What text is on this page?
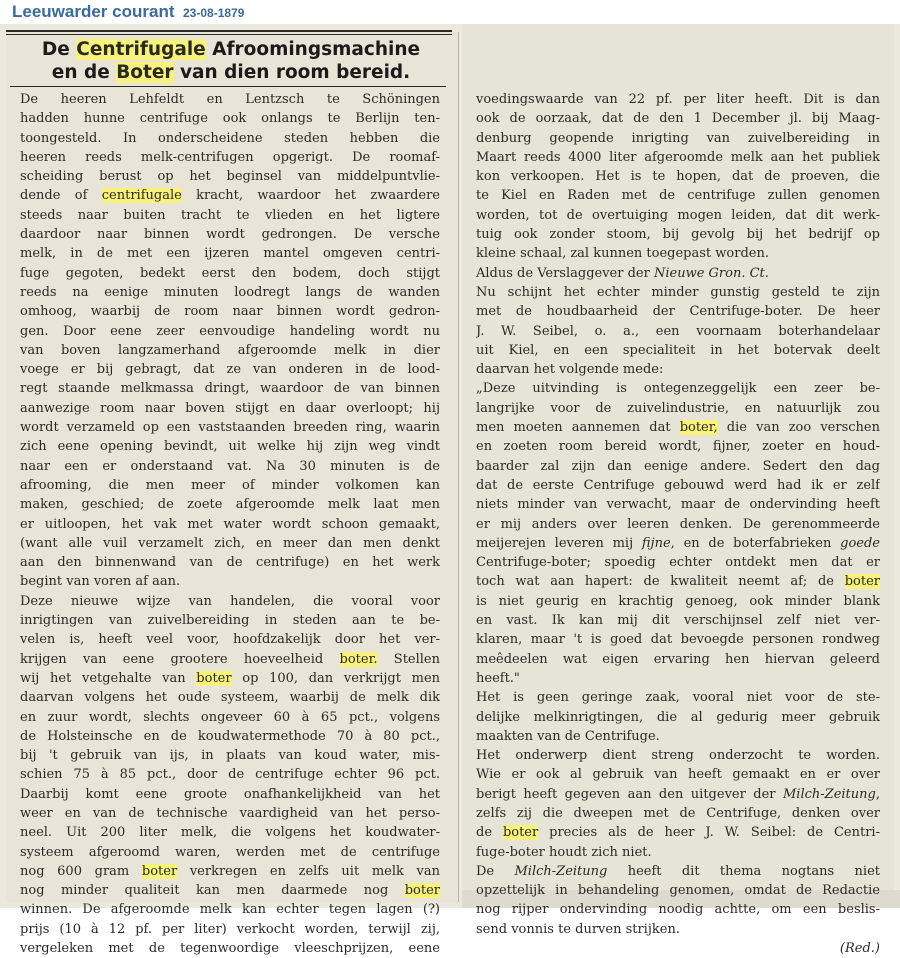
Leeuwarder courant 23-08-1879
De Centrifugale Afroomingsmachine
en de Boter van dien room bereid.
De heeren Lehfeldt en Lentzsch te Schöningen
hadden hunne centrifuge ook onlangs te Berlijn ten-
toongesteld. In onderscheidene steden hebben die
heeren reeds melk-centrifugen opgerigt. De roomaf-
scheiding berust op het beginsel van middelpuntvlie-
dende of centrifugale kracht, waardoor het zwaardere
steeds naar buiten tracht te vlieden en het ligtere
daardoor naar binnen wordt gedrongen. De versche
melk, in de met een ijzeren mantel omgeven centri-
fuge gegoten, bedekt eerst den bodem, doch stijgt
reeds na eenige minuten loodregt langs de wanden
omhoog, waarbij de room naar binnen wordt gedron-
gen. Door eene zeer eenvoudige handeling wordt nu
van boven langzamerhand afgeroomde melk in dier
voege er bij gebragt, dat ze van onderen in de lood-
regt staande melkmassa dringt, waardoor de van binnen
aanwezige room naar boven stijgt en daar overloopt; hij
wordt verzameld op een vaststaanden breeden ring, waarin
zich eene opening bevindt, uit welke hij zijn weg vindt
naar een er onderstaand vat. Na 30 minuten is de
afrooming, die men meer of minder volkomen kan
maken, geschied; de zoete afgeroomde melk laat men
er uitloopen, het vak met water wordt schoon gemaakt,
(want alle vuil verzamelt zich, en meer dan men denkt
aan den binnenwand van de centrifuge) en het werk
begint van voren af aan.
Deze nieuwe wijze van handelen, die vooral voor
inrigtingen van zuivelbereiding in steden aan te be-
velen is, heeft veel voor, hoofdzakelijk door het ver-
krijgen van eene grootere hoeveelheid boter. Stellen
wij het vetgehalte van boter op 100, dan verkrijgt men
daarvan volgens het oude systeem, waarbij de melk dik
en zuur wordt, slechts ongeveer 60 à 65 pct., volgens
de Holsteinsche en de koudwatermethode 70 à 80 pct.,
bij 't gebruik van ijs, in plaats van koud water, mis-
schien 75 à 85 pct., door de centrifuge echter 96 pct.
Daarbij komt eene groote onafhankelijkheid van het
weer en van de technische vaardigheid van het perso-
neel. Uit 200 liter melk, die volgens het koudwater-
systeem afgeroomd waren, werden met de centrifuge
nog 600 gram boter verkregen en zelfs uit melk van
nog minder qualiteit kan men daarmede nog boter
winnen. De afgeroomde melk kan echter tegen lagen (?)
prijs (10 à 12 pf. per liter) verkocht worden, terwijl zij,
vergeleken met de tegenwoordige vleeschprijzen, eene
voedingswaarde van 22 pf. per liter heeft. Dit is dan
ook de oorzaak, dat de den 1 December jl. bij Maag-
denburg geopende inrigting van zuivelbereiding in
Maart reeds 4000 liter afgeroomde melk aan het publiek
kon verkoopen. Het is te hopen, dat de proeven, die
te Kiel en Raden met de centrifuge zullen genomen
worden, tot de overtuiging mogen leiden, dat dit werk-
tuig ook zonder stoom, bij gevolg bij het bedrijf op
kleine schaal, zal kunnen toegepast worden.
Aldus de Verslaggever der Nieuwe Gron. Ct.
Nu schijnt het echter minder gunstig gesteld te zijn
met de houdbaarheid der Centrifuge-boter. De heer
J. W. Seibel, o. a., een voornaam boterhandelaar
uit Kiel, en een specialiteit in het botervak deelt
daarvan het volgende mede:
„Deze uitvinding is ontegenzeggelijk een zeer be-
langrijke voor de zuivelindustrie, en natuurlijk zou
men moeten aannemen dat boter, die van zoo verschen
en zoeten room bereid wordt, fijner, zoeter en houd-
baarder zal zijn dan eenige andere. Sedert den dag
dat de eerste Centrifuge gebouwd werd had ik er zelf
niets minder van verwacht, maar de ondervinding heeft
er mij anders over leeren denken. De gerenommeerde
meijerejen leveren mij fijne, en de boterfabrieken goede
Centrifuge-boter; spoedig echter ontdekt men dat er
toch wat aan hapert: de kwaliteit neemt af; de boter
is niet geurig en krachtig genoeg, ook minder blank
en vast. Ik kan mij dit verschijnsel zelf niet ver-
klaren, maar 't is goed dat bevoegde personen rondweg
meêdeelen wat eigen ervaring hen hiervan geleerd
heeft."
Het is geen geringe zaak, vooral niet voor de ste-
delijke melkinrigtingen, die al gedurig meer gebruik
maakten van de Centrifuge.
Het onderwerp dient streng onderzocht te worden.
Wie er ook al gebruik van heeft gemaakt en er over
berigt heeft gegeven aan den uitgever der Milch-Zeitung,
zelfs zij die dweepen met de Centrifuge, denken over
de boter precies als de heer J. W. Seibel: de Centri-
fuge-boter houdt zich niet.
De Milch-Zeitung heeft dit thema nogtans niet
opzettelijk in behandeling genomen, omdat de Redactie
nog rijper ondervinding noodig achtte, om een beslis-
send vonnis te durven strijken.
(Red.)
